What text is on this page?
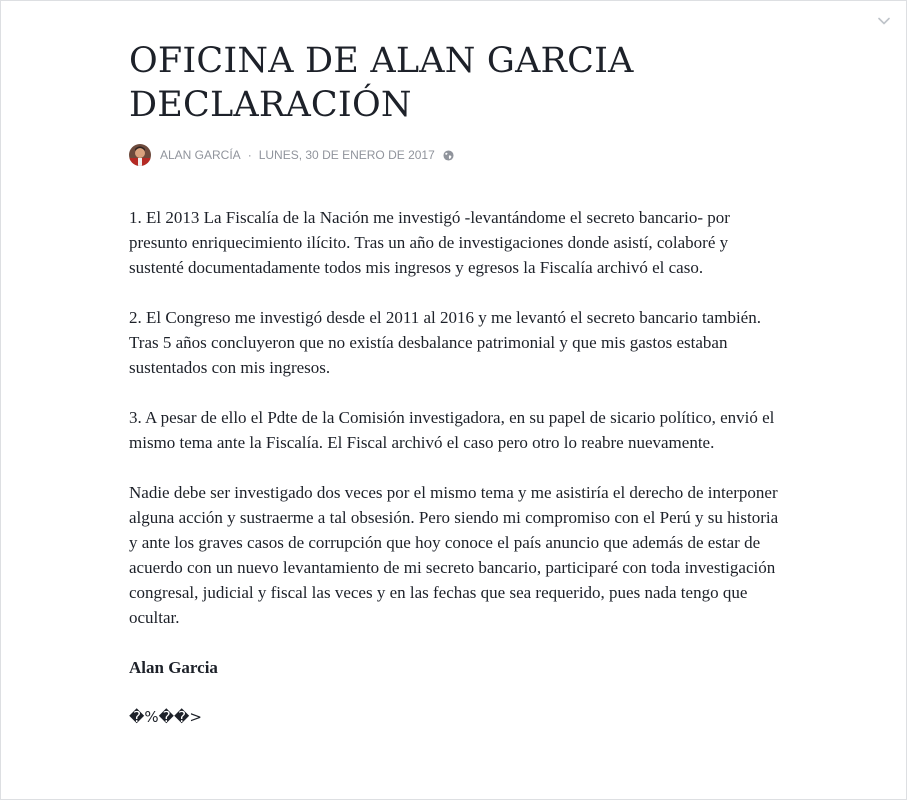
OFICINA DE ALAN GARCIA
DECLARACIÓN
ALAN GARCÍA · LUNES, 30 DE ENERO DE 2017

1. El 2013 La Fiscalía de la Nación me investigó -levantándome el secreto bancario- por presunto enriquecimiento ilícito. Tras un año de investigaciones donde asistí, colaboré y sustenté documentadamente todos mis ingresos y egresos la Fiscalía archivó el caso.

2. El Congreso me investigó desde el 2011 al 2016 y me levantó el secreto bancario también. Tras 5 años concluyeron que no existía desbalance patrimonial y que mis gastos estaban sustentados con mis ingresos.

3. A pesar de ello el Pdte de la Comisión investigadora, en su papel de sicario político, envió el mismo tema ante la Fiscalía. El Fiscal archivó el caso pero otro lo reabre nuevamente.

Nadie debe ser investigado dos veces por el mismo tema y me asistiría el derecho de interponer alguna acción y sustraerme a tal obsesión. Pero siendo mi compromiso con el Perú y su historia y ante los graves casos de corrupción que hoy conoce el país anuncio que además de estar de acuerdo con un nuevo levantamiento de mi secreto bancario, participaré con toda investigación congresal, judicial y fiscal las veces y en las fechas que sea requerido, pues nada tengo que ocultar.

Alan Garcia

�%��>
